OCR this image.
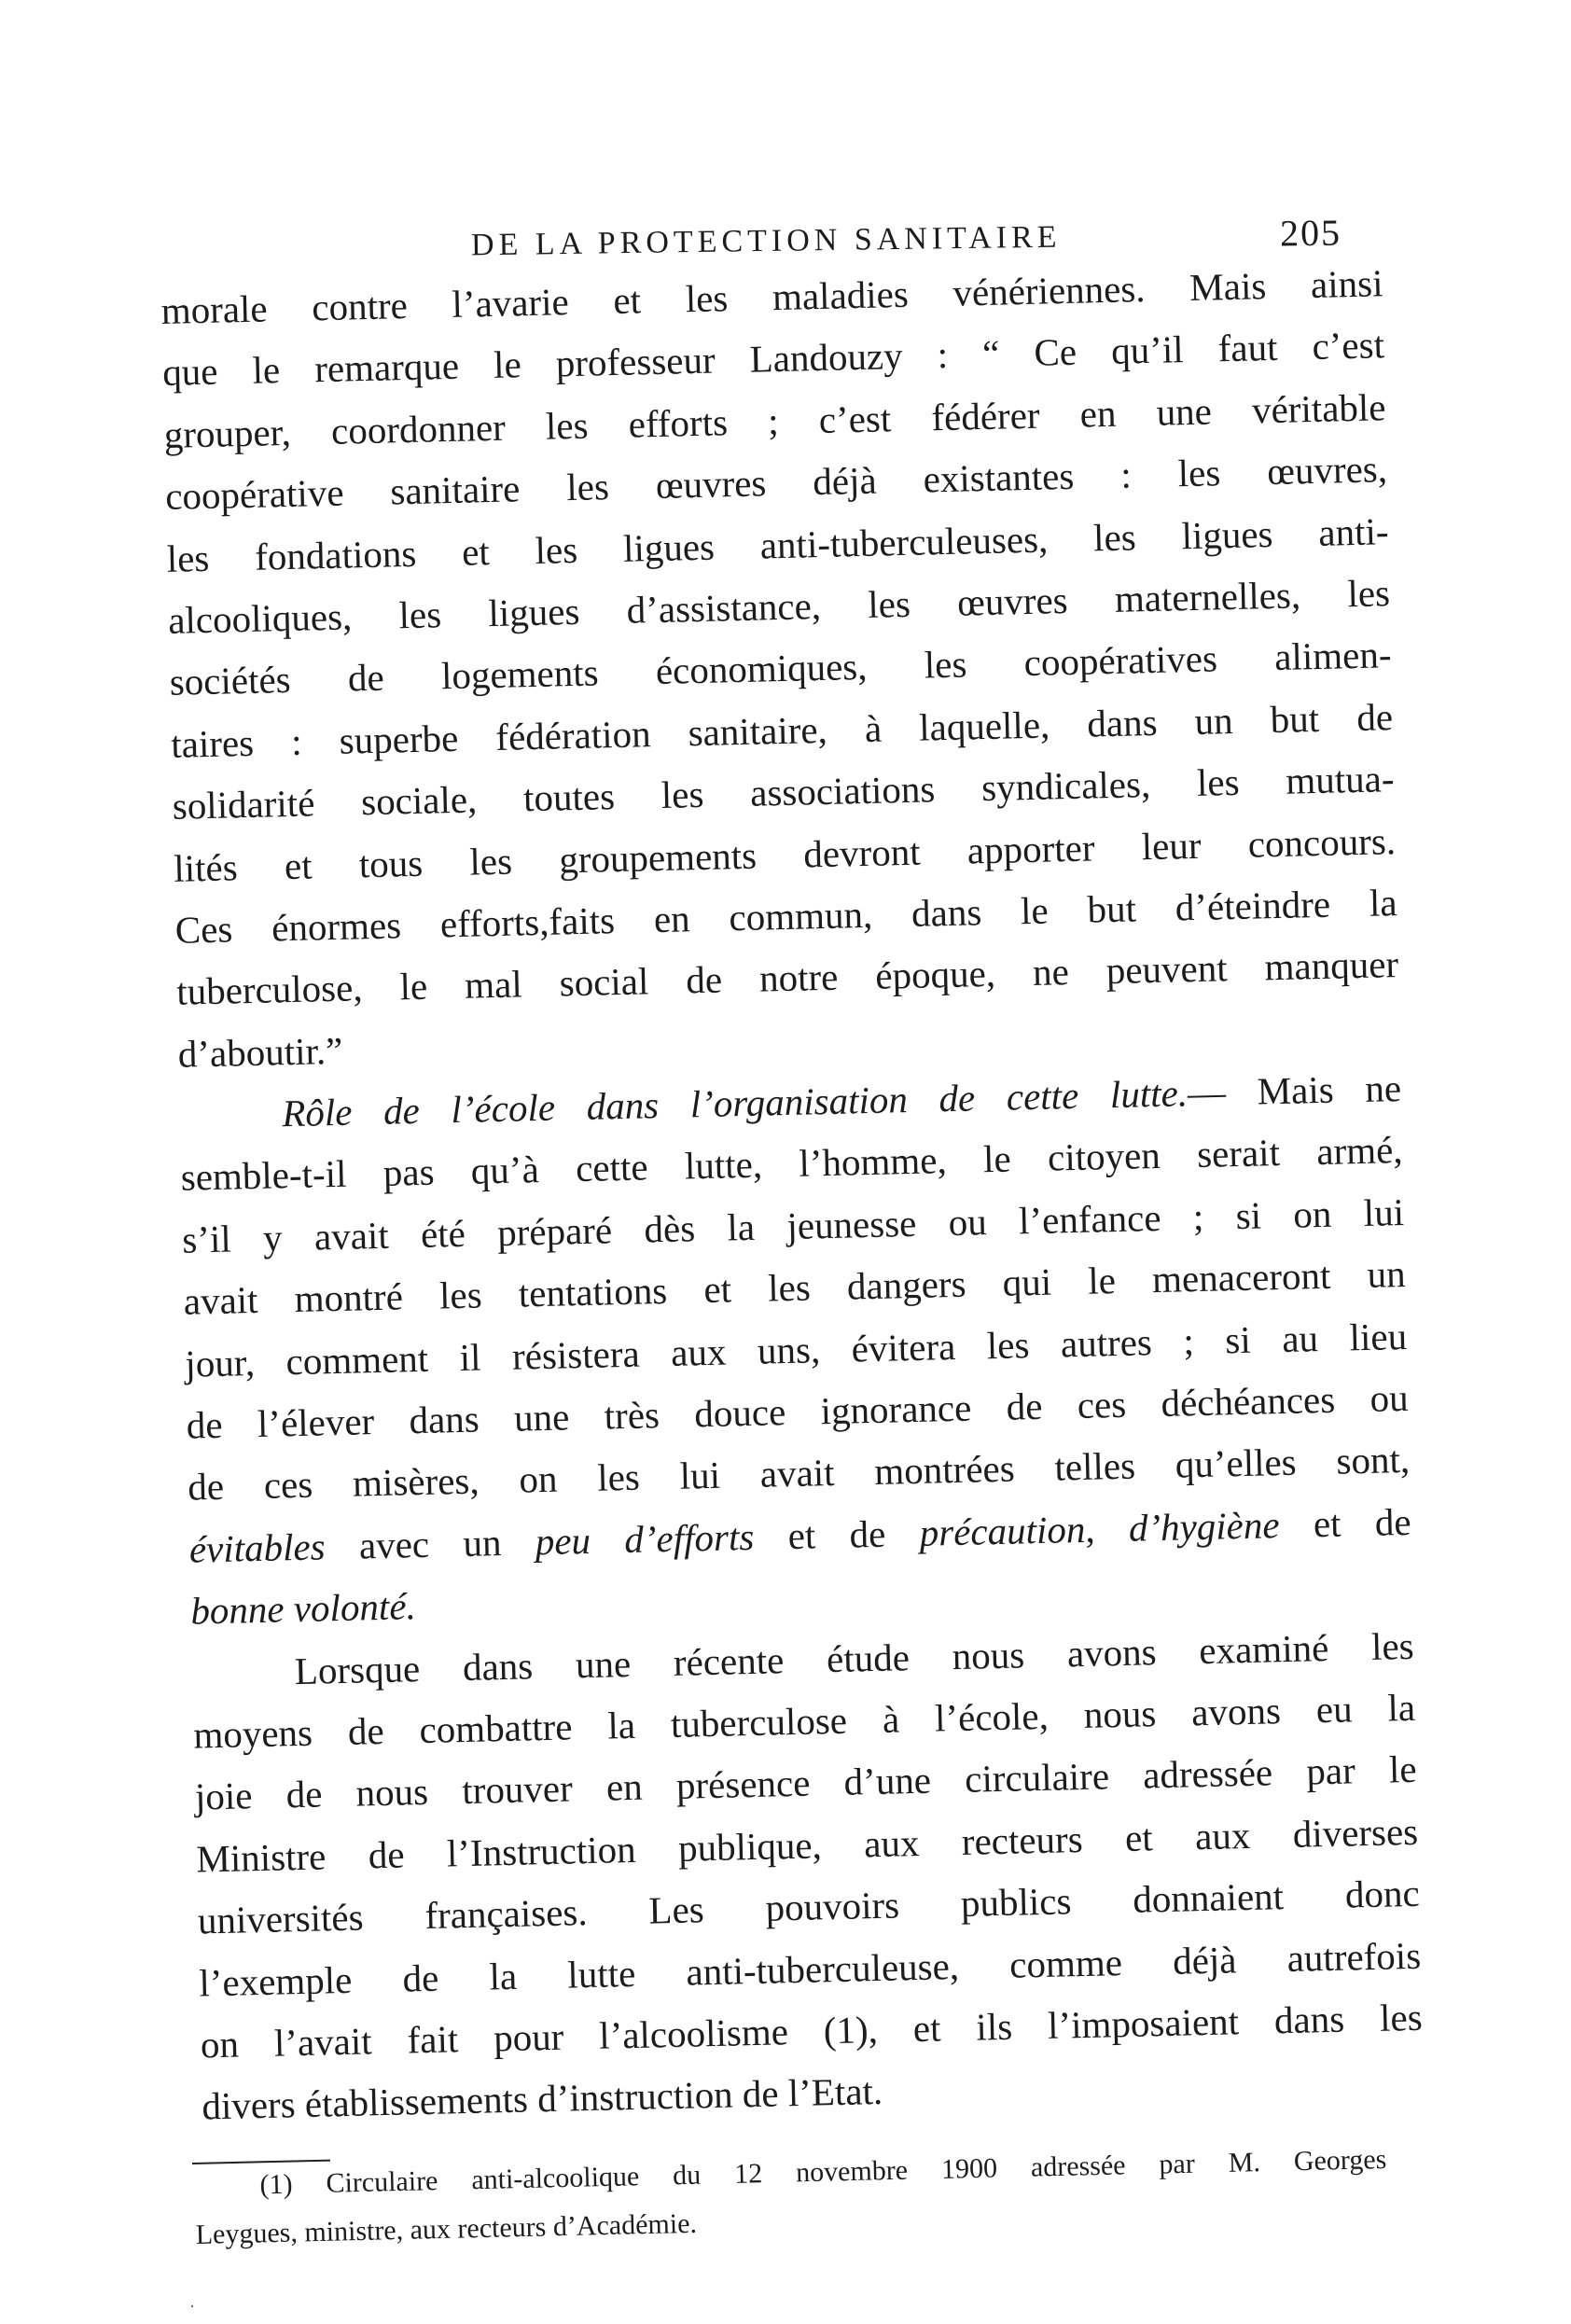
DE LA PROTECTION SANITAIRE	205
morale contre l’avarie et les maladies vénériennes. Mais ainsi
que le remarque le professeur Landouzy : “ Ce qu’il faut c’est
grouper, coordonner les efforts ; c’est fédérer en une véritable
coopérative sanitaire les œuvres déjà existantes : les œuvres,
les fondations et les ligues anti-tuberculeuses, les ligues anti-
alcooliques, les ligues d’assistance, les œuvres maternelles, les
sociétés de logements économiques, les coopératives alimen-
taires : superbe fédération sanitaire, à laquelle, dans un but de
solidarité sociale, toutes les associations syndicales, les mutua-
lités et tous les groupements devront apporter leur concours.
Ces énormes efforts,faits en commun, dans le but d’éteindre la
tuberculose, le mal social de notre époque, ne peuvent manquer
d’aboutir.”
Rôle de l’école dans l’organisation de cette lutte.— Mais ne
semble-t-il pas qu’à cette lutte, l’homme, le citoyen serait armé,
s’il y avait été préparé dès la jeunesse ou l’enfance ; si on lui
avait montré les tentations et les dangers qui le menaceront un
jour, comment il résistera aux uns, évitera les autres ; si au lieu
de l’élever dans une très douce ignorance de ces déchéances ou
de ces misères, on les lui avait montrées telles qu’elles sont,
évitables avec un peu d’efforts et de précaution, d’hygiène et de
bonne volonté.
Lorsque dans une récente étude nous avons examiné les
moyens de combattre la tuberculose à l’école, nous avons eu la
joie de nous trouver en présence d’une circulaire adressée par le
Ministre de l’Instruction publique, aux recteurs et aux diverses
universités françaises. Les pouvoirs publics donnaient donc
l’exemple de la lutte anti-tuberculeuse, comme déjà autrefois
on l’avait fait pour l’alcoolisme (1), et ils l’imposaient dans les
divers établissements d’instruction de l’Etat.
(1) Circulaire anti-alcoolique du 12 novembre 1900 adressée par M. Georges
Leygues, ministre, aux recteurs d’Académie.
·
